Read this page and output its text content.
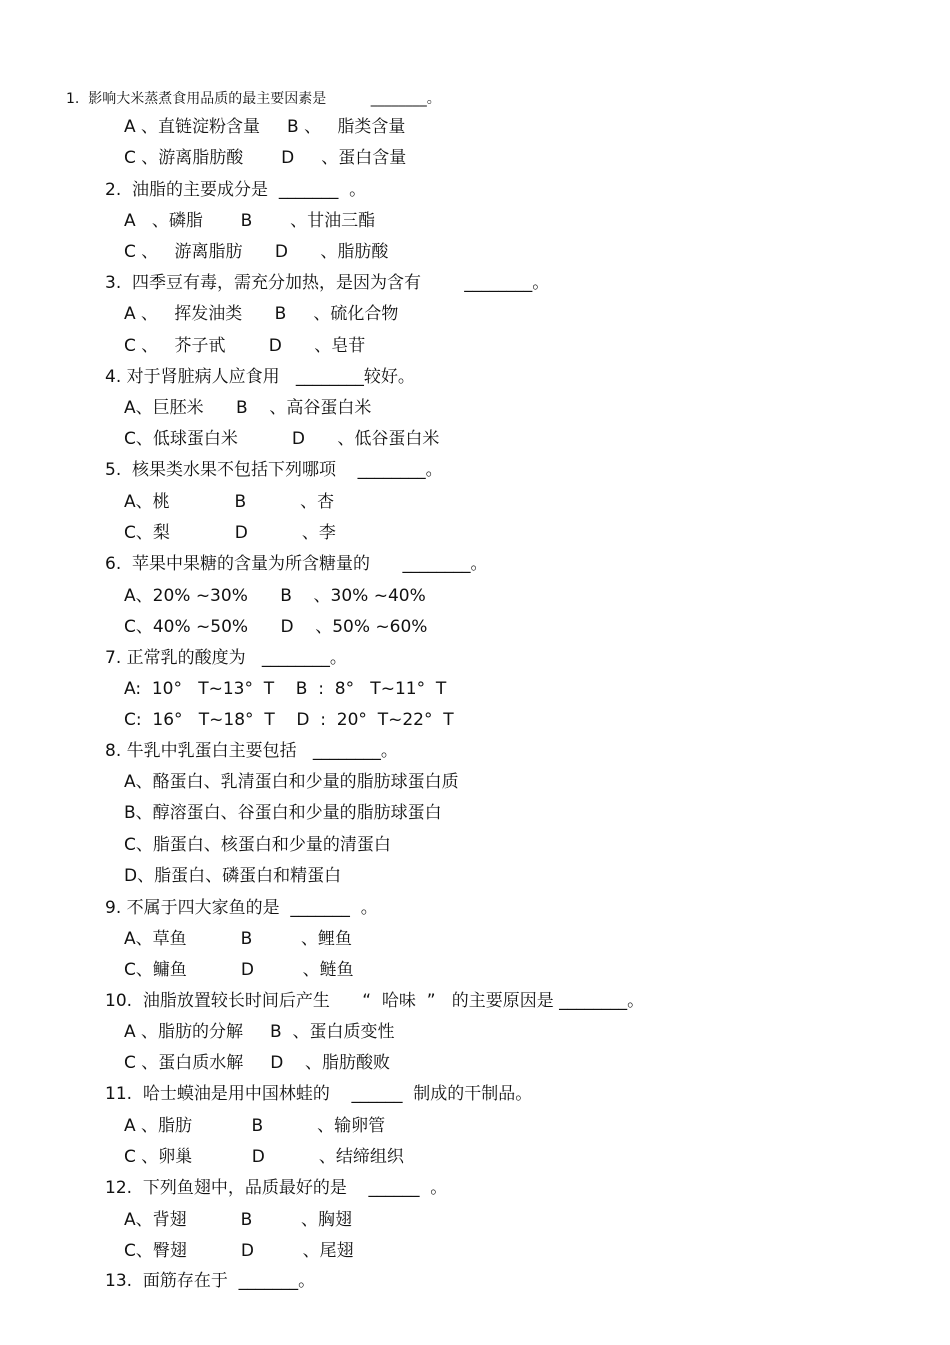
1.  影响大米蒸煮食用品质的最主要因素是          ________。
A 、直链淀粉含量     B 、   脂类含量
C 、游离脂肪酸       D     、蛋白含量
2.  油脂的主要成分是  _______  。
A   、磷脂       B       、甘油三酯
C 、   游离脂肪      D      、脂肪酸
3.  四季豆有毒，需充分加热，是因为含有        ________。
A 、   挥发油类      B     、硫化合物
C 、   芥子甙        D      、皂苷
4. 对于肾脏病人应食用   ________较好。
A、巨胚米      B    、高谷蛋白米
C、低球蛋白米          D      、低谷蛋白米
5.  核果类水果不包括下列哪项    ________。
A、桃            B          、杏
C、梨            D          、李
6.  苹果中果糖的含量为所含糖量的      ________。
A、20% ~30%      B    、30% ~40%
C、40% ~50%      D    、50% ~60%
7. 正常乳的酸度为   ________。
A:  10°   T~13°  T    B  :  8°   T~11°  T
C:  16°   T~18°  T    D  :  20°  T~22°  T
8. 牛乳中乳蛋白主要包括   ________。
A、酪蛋白、乳清蛋白和少量的脂肪球蛋白质
B、醇溶蛋白、谷蛋白和少量的脂肪球蛋白
C、脂蛋白、核蛋白和少量的清蛋白
D、脂蛋白、磷蛋白和精蛋白
9. 不属于四大家鱼的是  _______  。
A、草鱼          B         、鲤鱼
C、鳙鱼          D         、鲢鱼
10.  油脂放置较长时间后产生      “  哈味  ”   的主要原因是 ________。
A 、脂肪的分解     B  、蛋白质变性
C 、蛋白质水解     D    、脂肪酸败
11.  哈士蟆油是用中国林蛙的    ______  制成的干制品。
A 、脂肪           B          、输卵管
C 、卵巢           D          、结缔组织
12.  下列鱼翅中，品质最好的是    ______  。
A、背翅          B         、胸翅
C、臀翅          D         、尾翅
13.  面筋存在于  _______。
